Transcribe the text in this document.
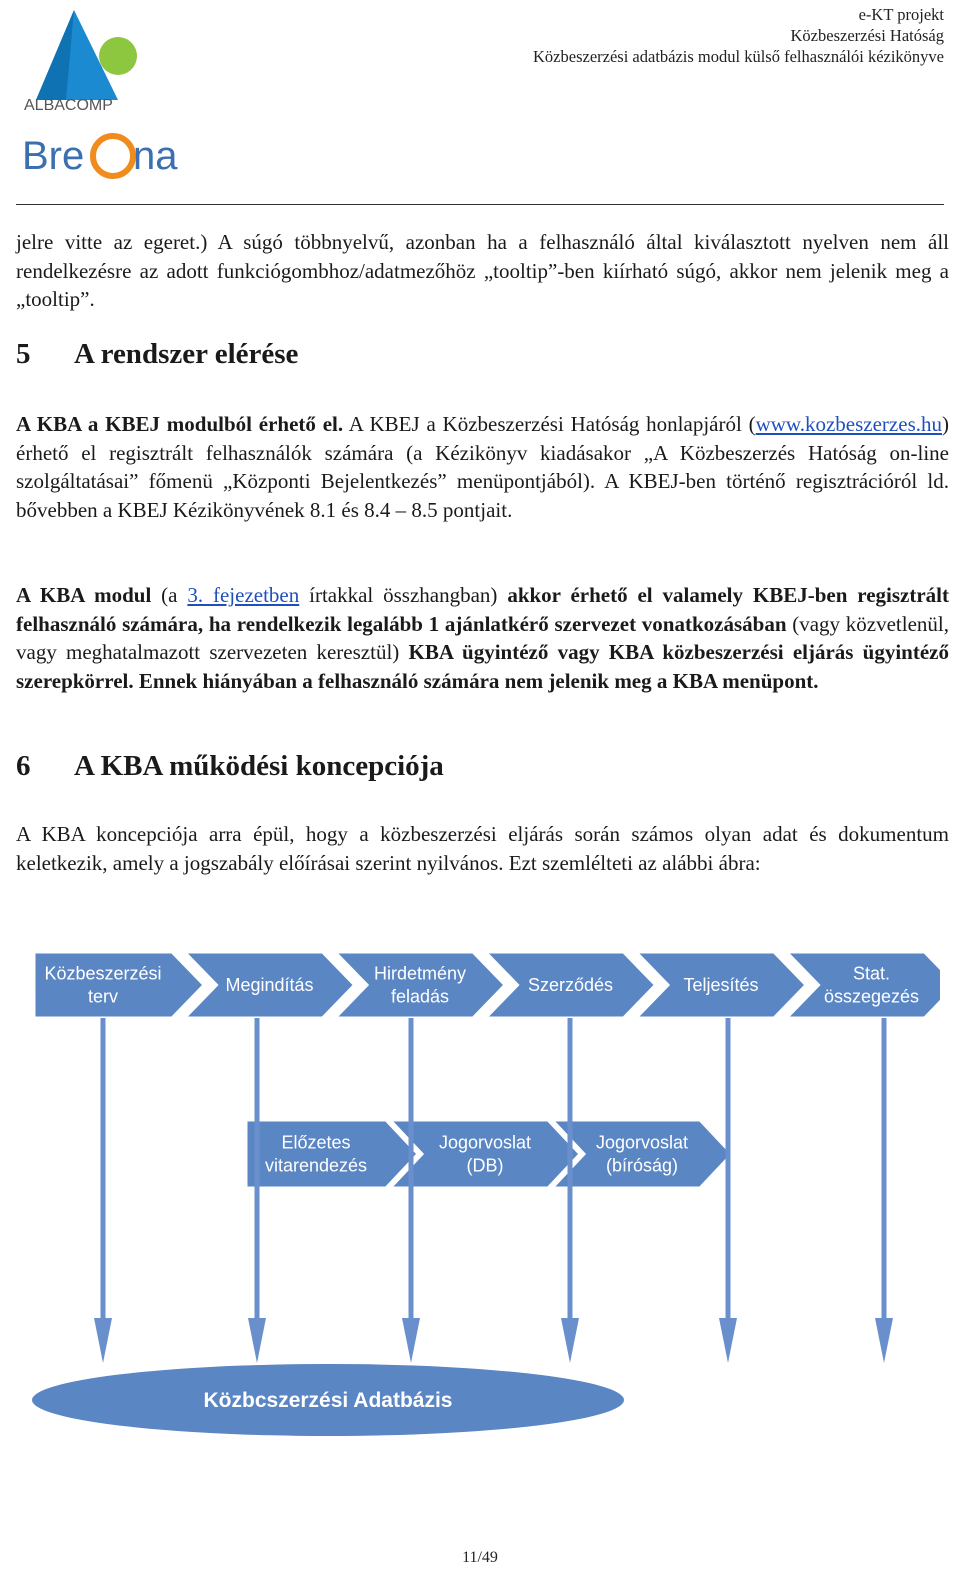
ALBACOMP
Bre na
e-KT projekt
Közbeszerzési Hatóság
Közbeszerzési adatbázis modul külső felhasználói kézikönyve

jelre vitte az egeret.) A súgó többnyelvű, azonban ha a felhasználó által kiválasztott nyelven nem áll rendelkezésre az adott funkciógombhoz/adatmezőhöz „tooltip”-ben kiírható súgó, akkor nem jelenik meg a „tooltip”.

5 A rendszer elérése

A KBA a KBEJ modulból érhető el. A KBEJ a Közbeszerzési Hatóság honlapjáról (www.kozbeszerzes.hu) érhető el regisztrált felhasználók számára (a Kézikönyv kiadásakor „A Közbeszerzés Hatóság on-line szolgáltatásai” főmenü „Központi Bejelentkezés” menüpontjából). A KBEJ-ben történő regisztrációról ld. bővebben a KBEJ Kézikönyvének 8.1 és 8.4 – 8.5 pontjait.

A KBA modul (a 3. fejezetben írtakkal összhangban) akkor érhető el valamely KBEJ-ben regisztrált felhasználó számára, ha rendelkezik legalább 1 ajánlatkérő szervezet vonatkozásában (vagy közvetlenül, vagy meghatalmazott szervezeten keresztül) KBA ügyintéző vagy KBA közbeszerzési eljárás ügyintéző szerepkörrel. Ennek hiányában a felhasználó számára nem jelenik meg a KBA menüpont.

6 A KBA működési koncepciója

A KBA koncepciója arra épül, hogy a közbeszerzési eljárás során számos olyan adat és dokumentum keletkezik, amely a jogszabály előírásai szerint nyilvános. Ezt szemlélteti az alábbi ábra:

Közbeszerzési
terv
Megindítás
Hirdetmény
feladás
Szerződés	Teljesítés
Stat.
összegezés
Előzetes
vitarendezés
Jogorvoslat
(DB)
Jogorvoslat
(bíróság)
Közbcszerzési Adatbázis
11/49
